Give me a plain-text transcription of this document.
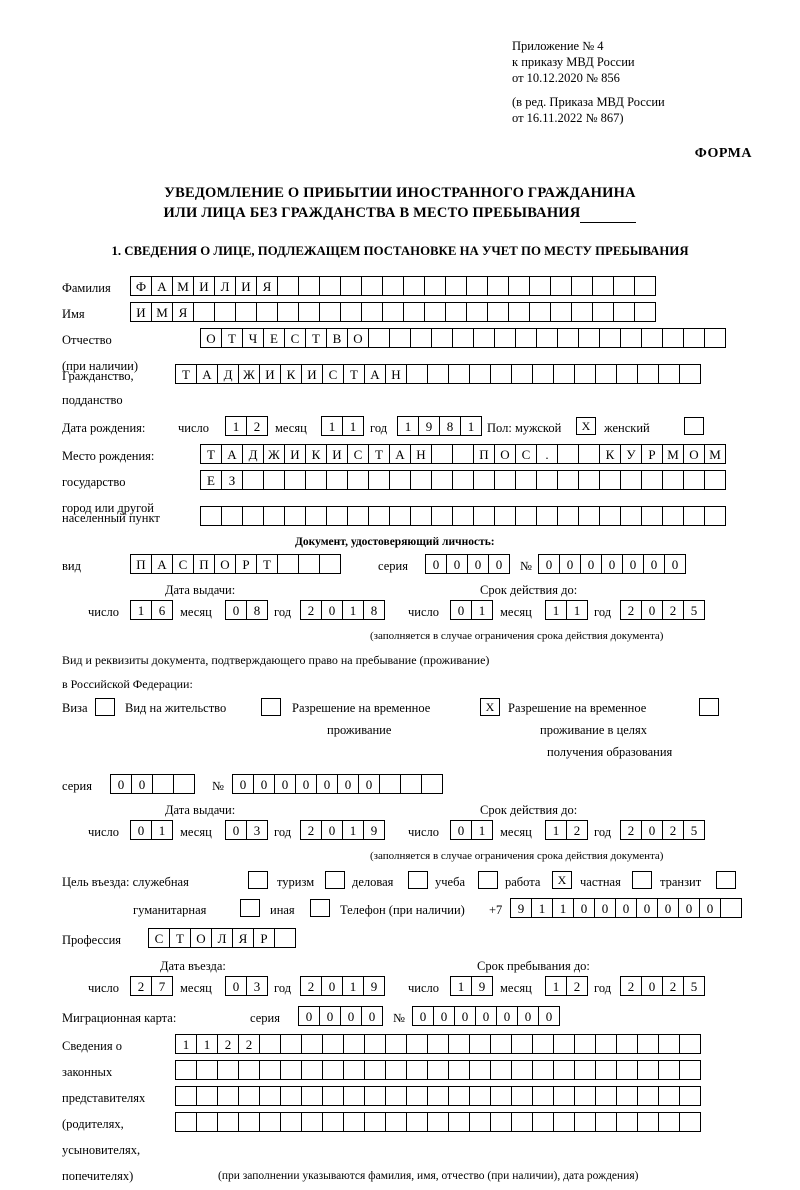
Приложение № 4
к приказу МВД России
от 10.12.2020 № 856
(в ред. Приказа МВД России
от 16.11.2022 № 867)
ФОРМА
УВЕДОМЛЕНИЕ О ПРИБЫТИИ ИНОСТРАННОГО ГРАЖДАНИНА
ИЛИ ЛИЦА БЕЗ ГРАЖДАНСТВА В МЕСТО ПРЕБЫВАНИЯ
1. СВЕДЕНИЯ О ЛИЦЕ, ПОДЛЕЖАЩЕМ ПОСТАНОВКЕ НА УЧЕТ ПО МЕСТУ ПРЕБЫВАНИЯ
Фамилия	Ф А М И Л И Я
Имя	И М Я
Отчество	О Т Ч Е С Т В О
(при наличии)
Гражданство,	Т А Д Ж И К И С Т А Н
подданство
Дата рождения:	число	1	2	месяц	1	1	год	1	9	8	1	Пол: мужской	X	женский
Место рождения:	Т А Д Ж И К И С Т А Н	П О С	.	К У Р М О М
государство	Е	З
город или другой
населенный пункт
Документ, удостоверяющий личность:
вид	П А С П О Р	Т	серия	0	0	0	0	№	0	0	0	0	0	0	0
Дата выдачи:	Срок действия до:
число	1	6	месяц	0	8	год	2	0	1	8	число	0	1	месяц	1	1	год	2	0	2	5
(заполняется в случае ограничения срока действия документа)
Вид и реквизиты документа, подтверждающего право на пребывание (проживание)
в Российской Федерации:
Виза	Вид на жительство	Разрешение на временное	X	Разрешение на временное
проживание	проживание в целях
получения образования
серия	0	0	№	0	0	0	0	0	0	0
Дата выдачи:	Срок действия до:
число	0	1	месяц	0	3	год	2	0	1	9	число	0	1	месяц	1	2	год	2	0	2	5
(заполняется в случае ограничения срока действия документа)
Цель въезда: служебная	туризм	деловая	учеба	работа	X	частная	транзит
гуманитарная	иная	Телефон (при наличии) +7	9	1	1	0	0	0	0	0	0	0
Профессия	С Т О Л Я	Р
Дата въезда:	Срок пребывания до:
число	2	7	месяц	0	3	год	2	0	1	9	число	1	9	месяц	1	2	год	2	0	2	5
Миграционная карта:	серия	0	0	0	0	№	0	0	0	0	0	0	0
Сведения о	1	1	2	2
законных
представителях
(родителях,
усыновителях,
попечителях)	(при заполнении указываются фамилия, имя, отчество (при наличии), дата рождения)
